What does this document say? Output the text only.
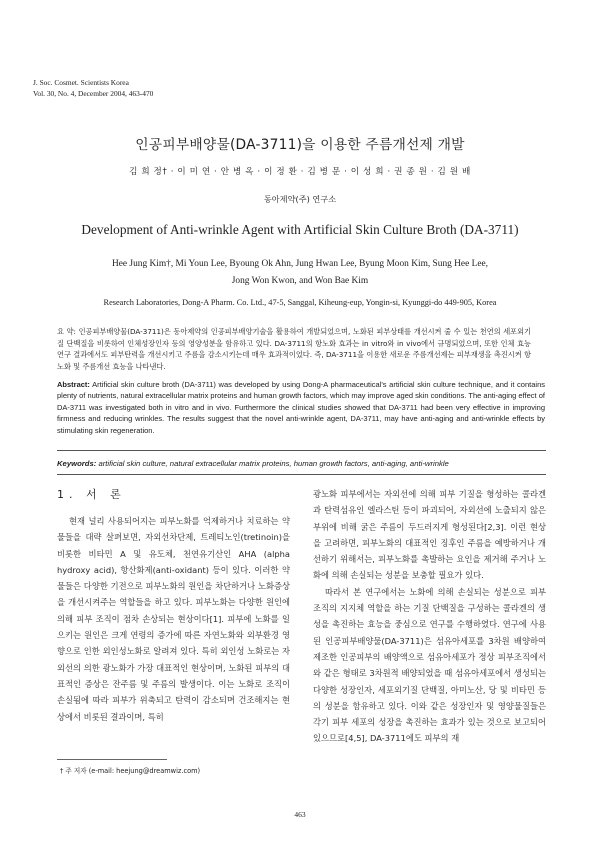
J. Soc. Cosmet. Scientists Korea
Vol. 30, No. 4, December 2004, 463-470
인공피부배양물(DA-3711)을 이용한 주름개선제 개발
김 희 정† · 이 미 연 · 안 병 옥 · 이 정 환 · 김 병 문 · 이 성 희 · 권 종 원 · 김 원 배
동아제약(주) 연구소
Development of Anti-wrinkle Agent with Artificial Skin Culture Broth (DA-3711)
Hee Jung Kim†, Mi Youn Lee, Byoung Ok Ahn, Jung Hwan Lee, Byung Moon Kim, Sung Hee Lee,
Jong Won Kwon, and Won Bae Kim
Research Laboratories, Dong-A Pharm. Co. Ltd., 47-5, Sanggal, Kiheung-eup, Yongin-si, Kyunggi-do 449-905, Korea
요 약: 인공피부배양물(DA-3711)은 동아제약의 인공피부배양기술을 활용하여 개발되었으며, 노화된 피부상태를 개선시켜 줄 수 있는 천연의 세포외기질 단백질을 비롯하여 인체성장인자 등의 영양성분을 함유하고 있다. DA-3711의 항노화 효과는 in vitro와 in vivo에서 규명되었으며, 또한 인체 효능 연구 결과에서도 피부탄력을 개선시키고 주름을 감소시키는데 매우 효과적이었다. 즉, DA-3711을 이용한 새로운 주름개선제는 피부재생을 촉진시켜 항노화 및 주름개선 효능을 나타낸다.
Abstract: Artificial skin culture broth (DA-3711) was developed by using Dong-A pharmaceutical's artificial skin culture technique, and it contains plenty of nutrients, natural extracellular matrix proteins and human growth factors, which may improve aged skin conditions. The anti-aging effect of DA-3711 was investigated both in vitro and in vivo. Furthermore the clinical studies showed that DA-3711 had been very effective in improving firmness and reducing wrinkles. The results suggest that the novel anti-wrinkle agent, DA-3711, may have anti-aging and anti-wrinkle effects by stimulating skin regeneration.
Keywords: artificial skin culture, natural extracellular matrix proteins, human growth factors, anti-aging, anti-wrinkle
1. 서 론

현재 널리 사용되어지는 피부노화를 억제하거나 치료하는 약물들을 대략 살펴보면, 자외선차단제, 트레티노인(tretinoin)을 비롯한 비타민 A 및 유도체, 천연유기산인 AHA (alpha hydroxy acid), 항산화제(anti-oxidant) 등이 있다. 이러한 약물들은 다양한 기전으로 피부노화의 원인을 차단하거나 노화증상을 개선시켜주는 역할들을 하고 있다. 피부노화는 다양한 원인에 의해 피부 조직이 점차 손상되는 현상이다[1]. 피부에 노화를 일으키는 원인은 크게 연령의 증가에 따른 자연노화와 외부환경 영향으로 인한 외인성노화로 알려져 있다. 특히 외인성 노화로는 자외선의 의한 광노화가 가장 대표적인 현상이며, 노화된 피부의 대표적인 증상은 잔주름 및 주름의 발생이다. 이는 노화로 조직이 손실됨에 따라 피부가 위축되고 탄력이 감소되며 건조해지는 현상에서 비롯된 결과이며, 특히

광노화 피부에서는 자외선에 의해 피부 기질을 형성하는 콜라겐과 탄력섬유인 엘라스틴 등이 파괴되어, 자외선에 노출되지 않은 부위에 비해 굵은 주름이 두드러지게 형성된다[2,3]. 이런 현상을 고려하면, 피부노화의 대표적인 징후인 주름을 예방하거나 개선하기 위해서는, 피부노화를 촉발하는 요인을 제거해 주거나 노화에 의해 손실되는 성분을 보충할 필요가 있다.

따라서 본 연구에서는 노화에 의해 손실되는 성분으로 피부 조직의 지지체 역할을 하는 기질 단백질을 구성하는 콜라겐의 생성을 촉진하는 효능을 중심으로 연구를 수행하였다. 연구에 사용된 인공피부배양물(DA-3711)은 섬유아세포를 3차원 배양하여 제조한 인공피부의 배양액으로 섬유아세포가 정상 피부조직에서와 같은 형태로 3차원적 배양되었을 때 섬유아세포에서 생성되는 다양한 성장인자, 세포외기질 단백질, 아미노산, 당 및 비타민 등의 성분을 함유하고 있다. 이와 같은 성장인자 및 영양물질들은 각기 피부 세포의 성장을 촉진하는 효과가 있는 것으로 보고되어 있으므로[4,5], DA-3711에도 피부의 재

† 주 저자 (e-mail: heejung@dreamwiz.com)
463
